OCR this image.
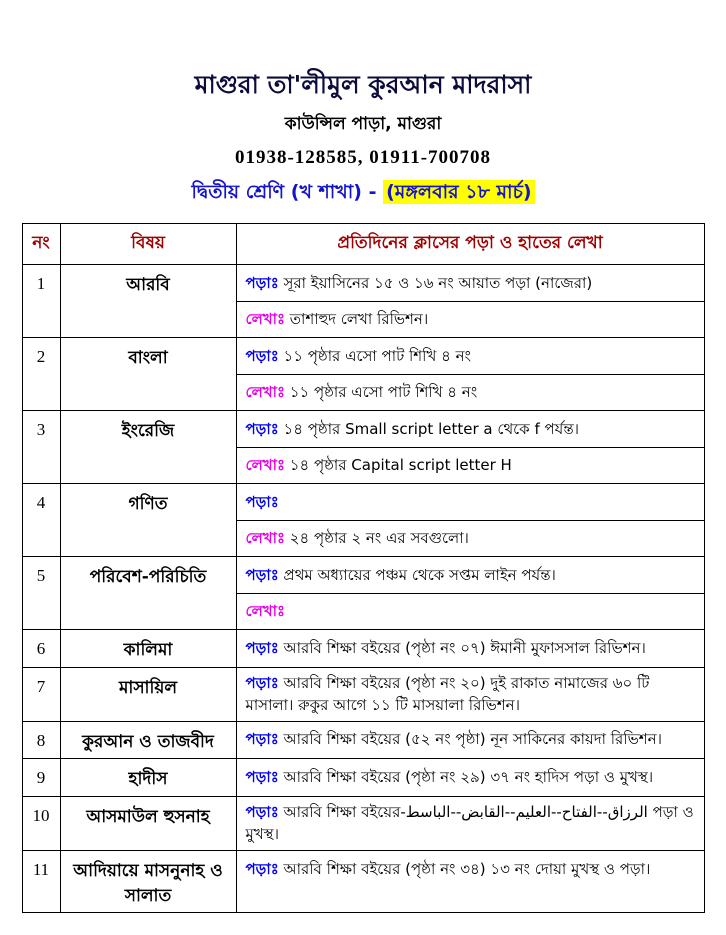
মাগুরা তা'লীমুল কুরআন মাদরাসা
কাউন্সিল পাড়া, মাগুরা
01938-128585, 01911-700708
দ্বিতীয় শ্রেণি (খ শাখা) - (মঙ্গলবার ১৮ মার্চ)
নং	বিষয়	প্রতিদিনের ক্লাসের পড়া ও হাতের লেখা
1	আরবি	পড়াঃ সূরা ইয়াসিনের ১৫ ও ১৬ নং আয়াত পড়া (নাজেরা)
লেখাঃ তাশাহুদ লেখা রিভিশন।

2	বাংলা	পড়াঃ ১১ পৃষ্ঠার এসো পাট শিখি ৪ নং
লেখাঃ ১১ পৃষ্ঠার এসো পাট শিখি ৪ নং

3	ইংরেজি	পড়াঃ ১৪ পৃষ্ঠার Small script letter a থেকে f পর্যন্ত।
লেখাঃ ১৪ পৃষ্ঠার Capital script letter H

4	গণিত	পড়াঃ
লেখাঃ ২৪ পৃষ্ঠার ২ নং এর সবগুলো।

5	পরিবেশ-পরিচিতি	পড়াঃ প্রথম অধ্যায়ের পঞ্চম থেকে সপ্তম লাইন পর্যন্ত।
লেখাঃ

6	কালিমা	পড়াঃ আরবি শিক্ষা বইয়ের (পৃষ্ঠা নং ০৭) ঈমানী মুফাসসাল রিভিশন।

7	মাসায়িল	পড়াঃ আরবি শিক্ষা বইয়ের (পৃষ্ঠা নং ২০) দুই রাকাত নামাজের ৬০ টি মাসালা। রুকুর আগে ১১ টি মাসয়ালা রিভিশন।

8	কুরআন ও তাজবীদ	পড়াঃ আরবি শিক্ষা বইয়ের (৫২ নং পৃষ্ঠা) নূন সাকিনের কায়দা রিভিশন।

9	হাদীস	পড়াঃ আরবি শিক্ষা বইয়ের (পৃষ্ঠা নং ২৯) ৩৭ নং হাদিস পড়া ও মুখস্থ।

10	আসমাউল হুসনাহ	পড়াঃ আরবি শিক্ষা বইয়ের-الرزاق--الفتاح--العليم--القابض--الباسط পড়া ও মুখস্থ।

11	আদিয়ায়ে মাসনুনাহ ও সালাত	পড়াঃ আরবি শিক্ষা বইয়ের (পৃষ্ঠা নং ৩৪) ১৩ নং দোয়া মুখস্থ ও পড়া।
